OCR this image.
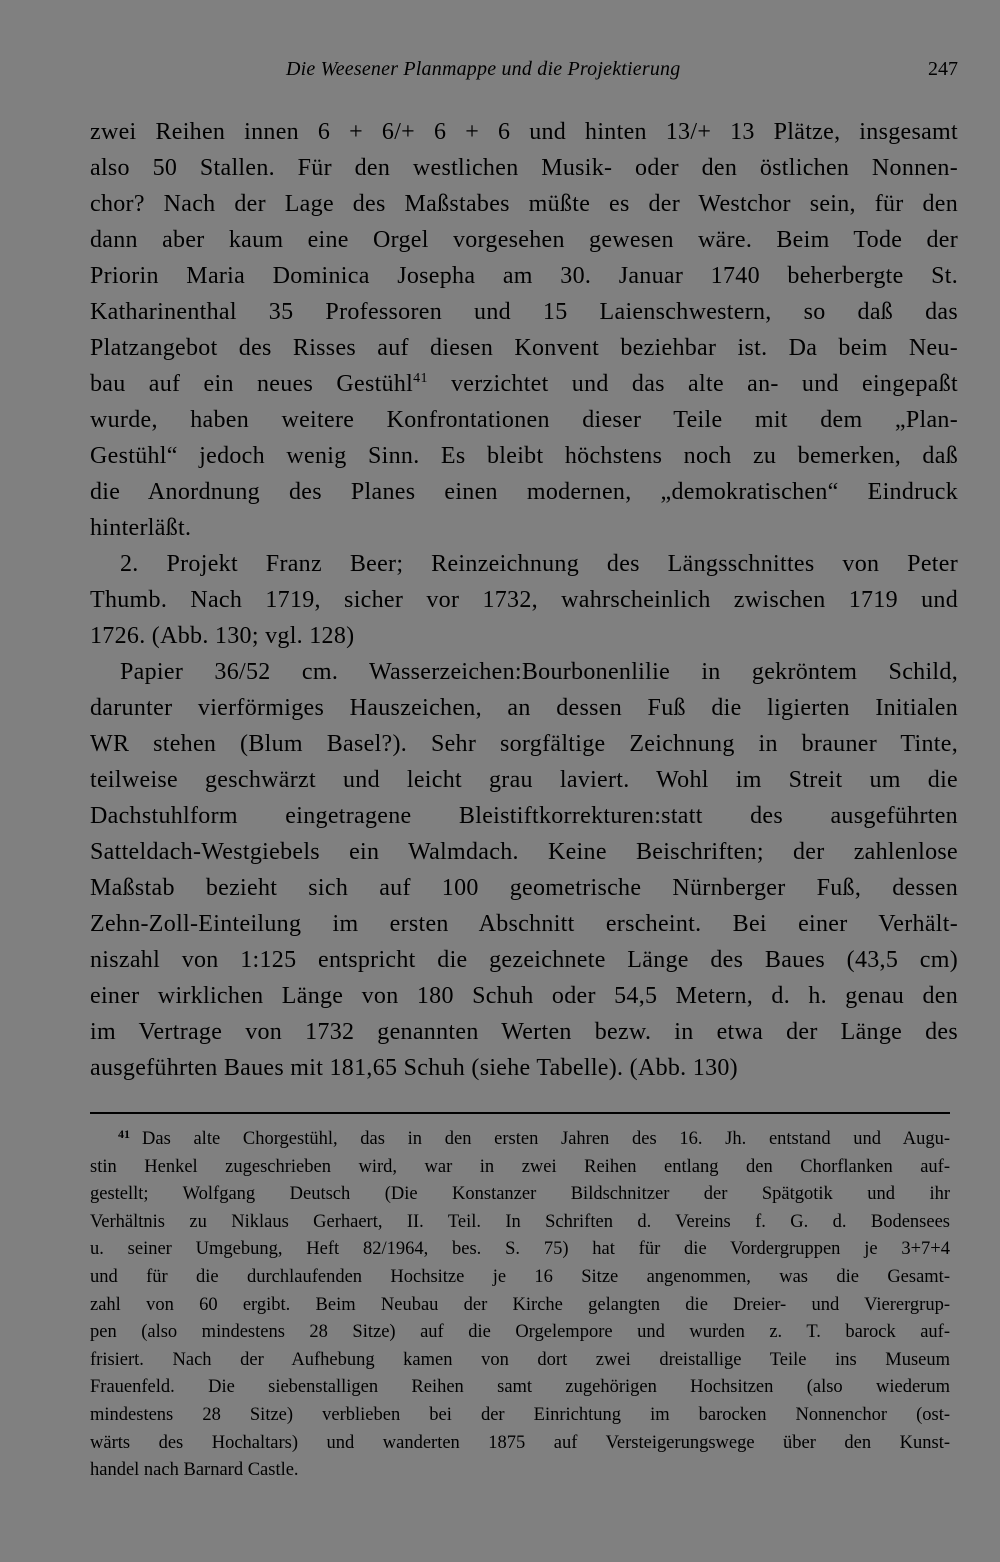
Die Weesener Planmappe und die Projektierung	247
zwei Reihen innen 6 + 6/+ 6 + 6 und hinten 13/+ 13 Plätze, insgesamt
also 50 Stallen. Für den westlichen Musik- oder den östlichen Nonnen-
chor? Nach der Lage des Maßstabes müßte es der Westchor sein, für den
dann aber kaum eine Orgel vorgesehen gewesen wäre. Beim Tode der
Priorin Maria Dominica Josepha am 30. Januar 1740 beherbergte St.
Katharinenthal 35 Professoren und 15 Laienschwestern, so daß das
Platzangebot des Risses auf diesen Konvent beziehbar ist. Da beim Neu-
bau auf ein neues Gestühl$^{41}$ verzichtet und das alte an- und eingepaßt
wurde, haben weitere Konfrontationen dieser Teile mit dem „Plan-
Gestühl“ jedoch wenig Sinn. Es bleibt höchstens noch zu bemerken, daß
die Anordnung des Planes einen modernen, „demokratischen“ Eindruck
hinterläßt.
2. Projekt Franz Beer; Reinzeichnung des Längsschnittes von Peter
Thumb. Nach 1719, sicher vor 1732, wahrscheinlich zwischen 1719 und
1726. (Abb. 130; vgl. 128)
Papier 36/52 cm. Wasserzeichen:Bourbonenlilie in gekröntem Schild,
darunter vierförmiges Hauszeichen, an dessen Fuß die ligierten Initialen
WR stehen (Blum Basel?). Sehr sorgfältige Zeichnung in brauner Tinte,
teilweise geschwärzt und leicht grau laviert. Wohl im Streit um die
Dachstuhlform eingetragene Bleistiftkorrekturen:statt des ausgeführten
Satteldach-Westgiebels ein Walmdach. Keine Beischriften; der zahlenlose
Maßstab bezieht sich auf 100 geometrische Nürnberger Fuß, dessen
Zehn-Zoll-Einteilung im ersten Abschnitt erscheint. Bei einer Verhält-
niszahl von 1:125 entspricht die gezeichnete Länge des Baues (43,5 cm)
einer wirklichen Länge von 180 Schuh oder 54,5 Metern, d. h. genau den
im Vertrage von 1732 genannten Werten bezw. in etwa der Länge des
ausgeführten Baues mit 181,65 Schuh (siehe Tabelle). (Abb. 130)
$^{41}$ Das alte Chorgestühl, das in den ersten Jahren des 16. Jh. entstand und Augu-
stin Henkel zugeschrieben wird, war in zwei Reihen entlang den Chorflanken auf-
gestellt; Wolfgang Deutsch (Die Konstanzer Bildschnitzer der Spätgotik und ihr
Verhältnis zu Niklaus Gerhaert, II. Teil. In Schriften d. Vereins f. G. d. Bodensees
u. seiner Umgebung, Heft 82/1964, bes. S. 75) hat für die Vordergruppen je 3+7+4
und für die durchlaufenden Hochsitze je 16 Sitze angenommen, was die Gesamt-
zahl von 60 ergibt. Beim Neubau der Kirche gelangten die Dreier- und Vierergrup-
pen (also mindestens 28 Sitze) auf die Orgelempore und wurden z. T. barock auf-
frisiert. Nach der Aufhebung kamen von dort zwei dreistallige Teile ins Museum
Frauenfeld. Die siebenstalligen Reihen samt zugehörigen Hochsitzen (also wiederum
mindestens 28 Sitze) verblieben bei der Einrichtung im barocken Nonnenchor (ost-
wärts des Hochaltars) und wanderten 1875 auf Versteigerungswege über den Kunst-
handel nach Barnard Castle.
